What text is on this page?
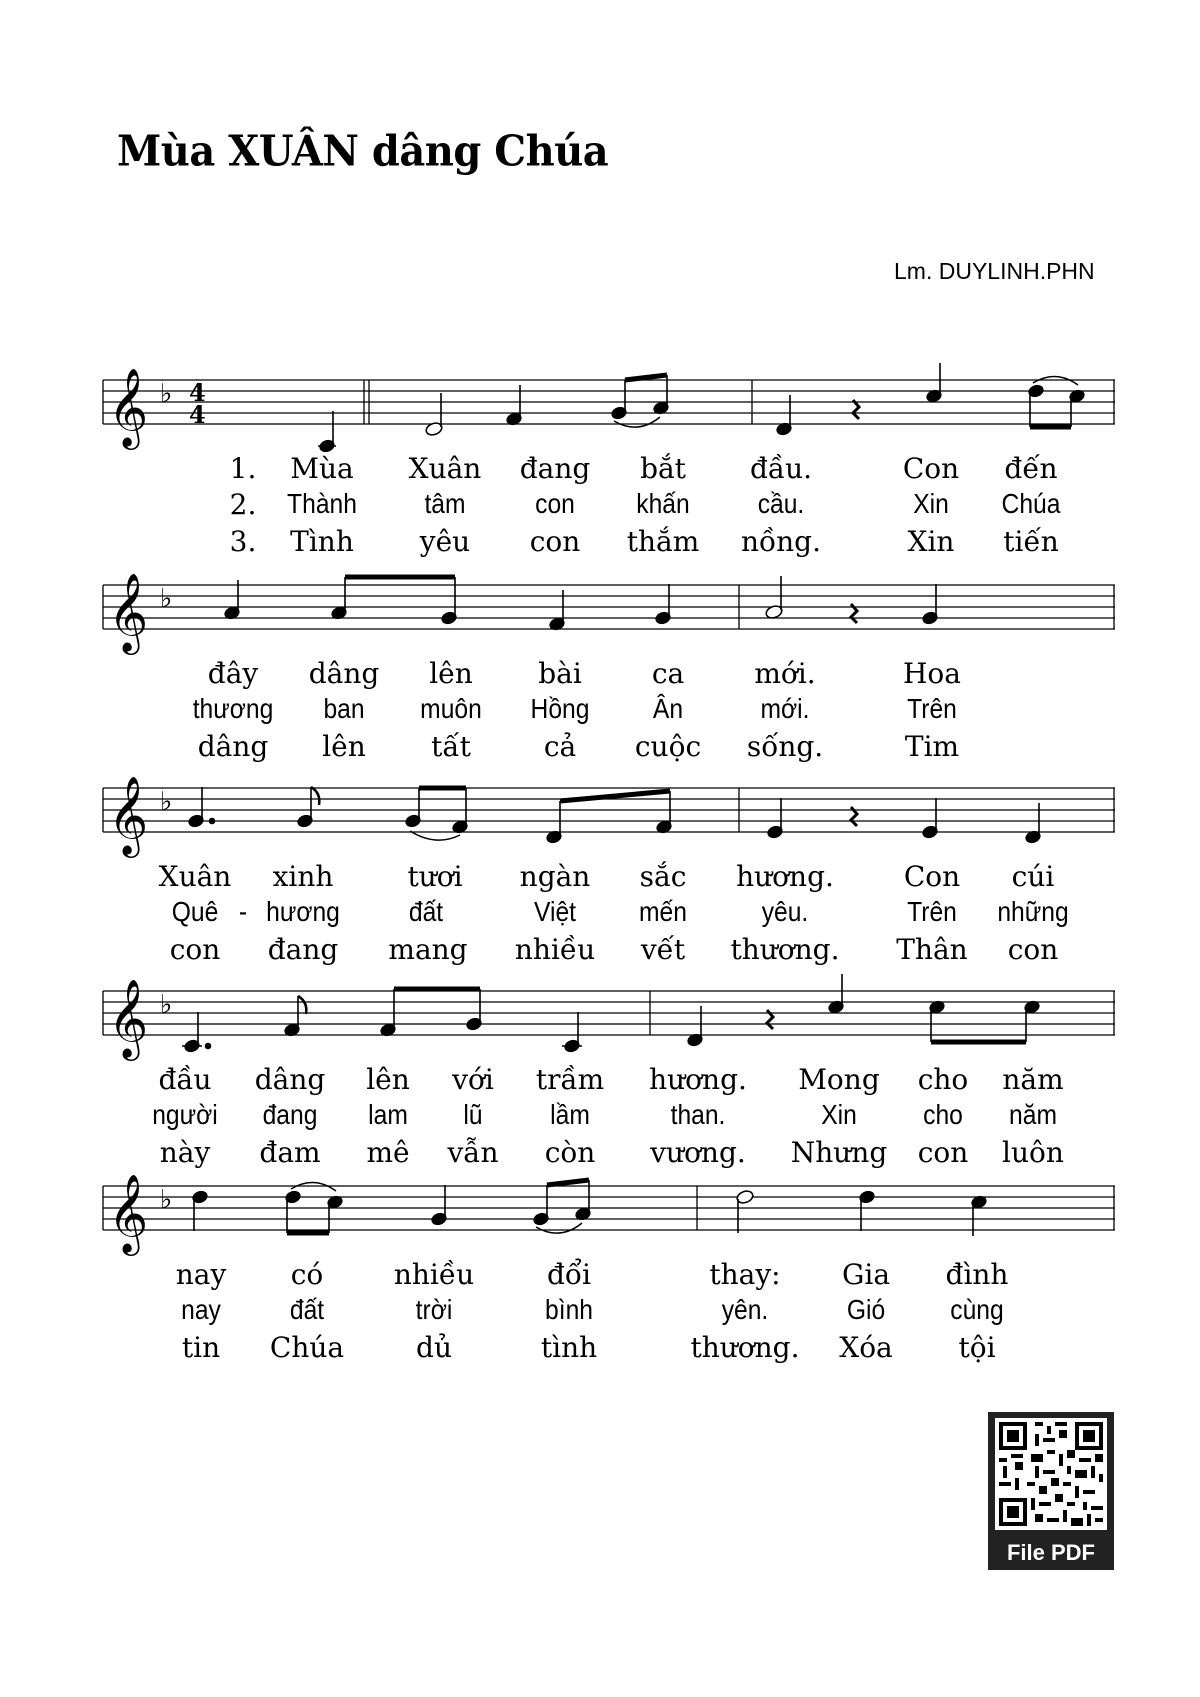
Mùa XUÂN dâng Chúa
Lm. DUYLINH.PHN
𝄞 ♭ 4
4
1. Mùa Xuân đang bắt đầu.	Con đến
2. Thành tâm con khấn cầu.	Xin Chúa
3. Tình yêu con thắm nồng.	Xin tiến
𝄞 ♭
đây dâng lên bài	ca	mới.	Hoa
thương ban muôn Hồng Ân	mới.	Trên
dâng lên tất	cả cuộc sống.	Tim
𝄞 ♭
Xuân xinh	tươi ngàn sắc hương. Con cúi
Quê - hương đất	Việt mến	yêu.	Trên những
con đang mang nhiều vết thương. Thân con
𝄞 ♭
đầu dâng lên với trầm hương. Mong cho năm
người đang lam lũ lầm	than.	Xin cho năm
này đam mê vẫn còn vương. Nhưng con luôn
𝄞 ♭
nay có	nhiều	đổi	thay: Gia đình
nay đất	trời	bình	yên.	Gió cùng
tin Chúa	dủ	tình	thương. Xóa tội
File PDF
